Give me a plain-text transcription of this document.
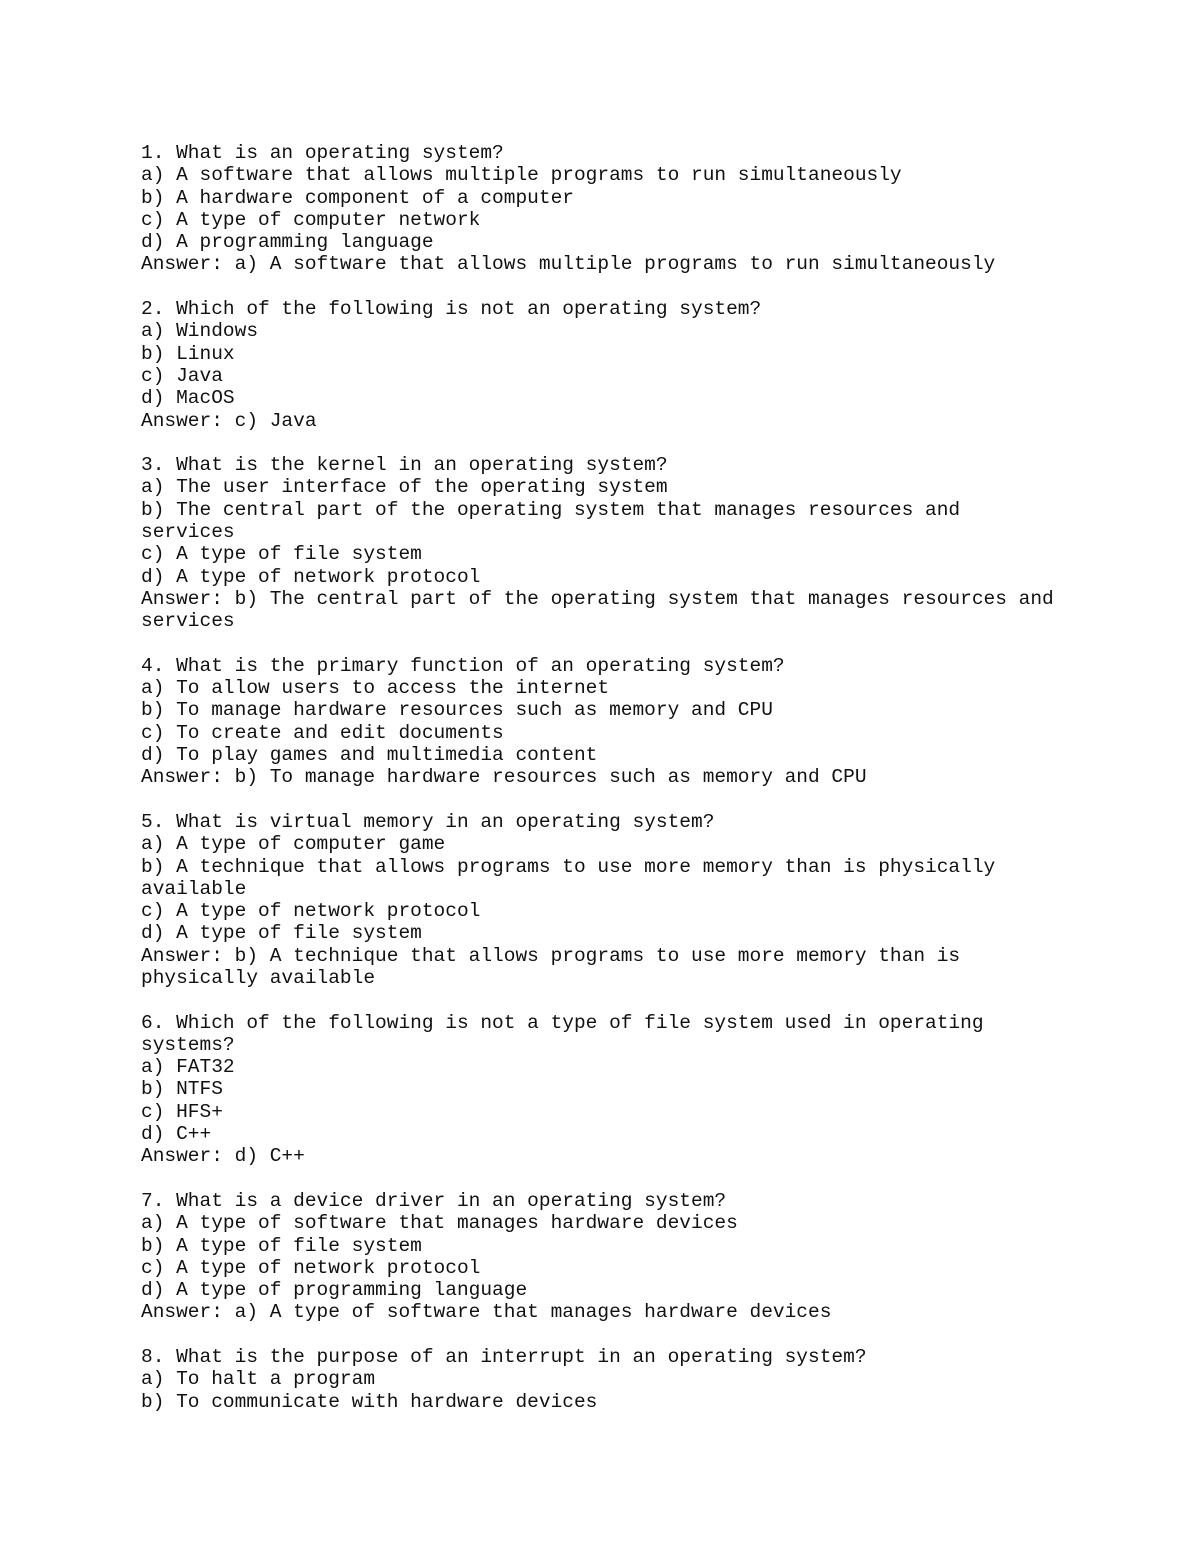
1. What is an operating system?
a) A software that allows multiple programs to run simultaneously
b) A hardware component of a computer
c) A type of computer network
d) A programming language
Answer: a) A software that allows multiple programs to run simultaneously
2. Which of the following is not an operating system?
a) Windows
b) Linux
c) Java
d) MacOS
Answer: c) Java
3. What is the kernel in an operating system?
a) The user interface of the operating system
b) The central part of the operating system that manages resources and
services
c) A type of file system
d) A type of network protocol
Answer: b) The central part of the operating system that manages resources and
services
4. What is the primary function of an operating system?
a) To allow users to access the internet
b) To manage hardware resources such as memory and CPU
c) To create and edit documents
d) To play games and multimedia content
Answer: b) To manage hardware resources such as memory and CPU
5. What is virtual memory in an operating system?
a) A type of computer game
b) A technique that allows programs to use more memory than is physically
available
c) A type of network protocol
d) A type of file system
Answer: b) A technique that allows programs to use more memory than is
physically available
6. Which of the following is not a type of file system used in operating
systems?
a) FAT32
b) NTFS
c) HFS+
d) C++
Answer: d) C++
7. What is a device driver in an operating system?
a) A type of software that manages hardware devices
b) A type of file system
c) A type of network protocol
d) A type of programming language
Answer: a) A type of software that manages hardware devices
8. What is the purpose of an interrupt in an operating system?
a) To halt a program
b) To communicate with hardware devices
